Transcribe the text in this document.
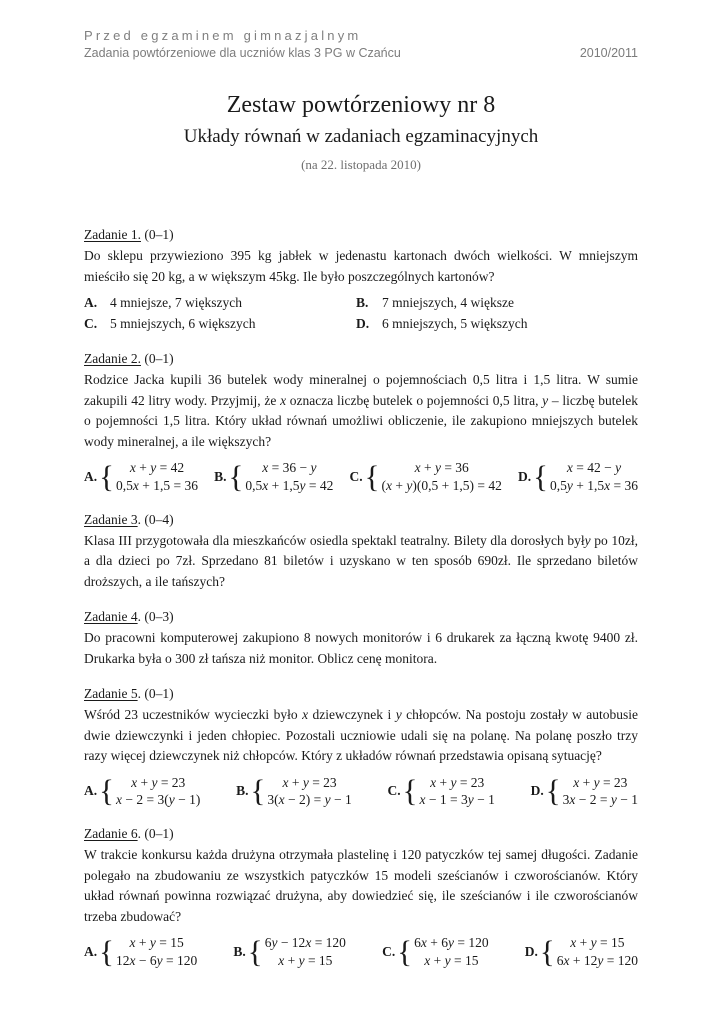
Przed egzaminem gimnazjalnym
Zadania powtórzeniowe dla uczniów klas 3 PG w Czańcu	2010/2011
Zestaw powtórzeniowy nr 8
Układy równań w zadaniach egzaminacyjnych
(na 22. listopada 2010)
Zadanie 1. (0–1)

Do sklepu przywieziono 395 kg jabłek w jedenastu kartonach dwóch wielkości. W mniejszym mieściło się 20 kg, a w większym 45kg. Ile było poszczególnych kartonów?

A. 4 mniejsze, 7 większych	B. 7 mniejszych, 4 większe
C. 5 mniejszych, 6 większych	D. 6 mniejszych, 5 większych
Zadanie 2. (0–1)

Rodzice Jacka kupili 36 butelek wody mineralnej o pojemnościach 0,5 litra i 1,5 litra. W sumie zakupili 42 litry wody. Przyjmij, że x oznacza liczbę butelek o pojemności 0,5 litra, y – liczbę butelek o pojemności 1,5 litra. Który układ równań umożliwi obliczenie, ile zakupiono mniejszych butelek wody mineralnej, a ile większych?

A. { x + y = 42
0,5x + 1,5 = 36
B. { x = 36 − y
0,5x + 1,5y = 42
C. {	x + y = 36
(x + y)(0,5 + 1,5) = 42
D. { x = 42 − y
0,5y + 1,5x = 36
Zadanie 3. (0–4)

Klasa III przygotowała dla mieszkańców osiedla spektakl teatralny. Bilety dla dorosłych były po 10zł, a dla dzieci po 7zł. Sprzedano 81 biletów i uzyskano w ten sposób 690zł. Ile sprzedano biletów droższych, a ile tańszych?

Zadanie 4. (0–3)

Do pracowni komputerowej zakupiono 8 nowych monitorów i 6 drukarek za łączną kwotę 9400 zł. Drukarka była o 300 zł tańsza niż monitor. Oblicz cenę monitora.

Zadanie 5. (0–1)

Wśród 23 uczestników wycieczki było x dziewczynek i y chłopców. Na postoju zostały w autobusie dwie dziewczynki i jeden chłopiec. Pozostali uczniowie udali się na polanę. Na polanę poszło trzy razy więcej dziewczynek niż chłopców. Który z układów równań przedstawia opisaną sytuację?

A. { x + y = 23
x − 2 = 3(y − 1)
B. { x + y = 23
3(x − 2) = y − 1
C. { x + y = 23
x − 1 = 3y − 1
D. { x + y = 23
3x − 2 = y − 1
Zadanie 6. (0–1)

W trakcie konkursu każda drużyna otrzymała plastelinę i 120 patyczków tej samej długości. Zadanie polegało na zbudowaniu ze wszystkich patyczków 15 modeli sześcianów i czworościanów. Który układ równań powinna rozwiązać drużyna, aby dowiedzieć się, ile sześcianów i ile czworościanów trzeba zbudować?

A. { x + y = 15
12x − 6y = 120
B. { 6y − 12x = 120
x + y = 15
C. { 6x + 6y = 120
x + y = 15
D. { x + y = 15
6x + 12y = 120
